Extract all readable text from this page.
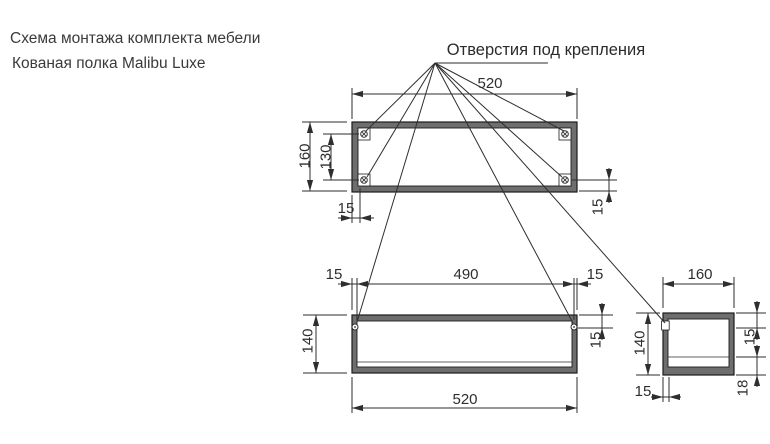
Схема монтажа комплекта мебели
Кованая полка Malibu Luxe
Отверстия под крепления
520
160 130
15	15
15	490	15
140	15
520
160
140	15
18
15
